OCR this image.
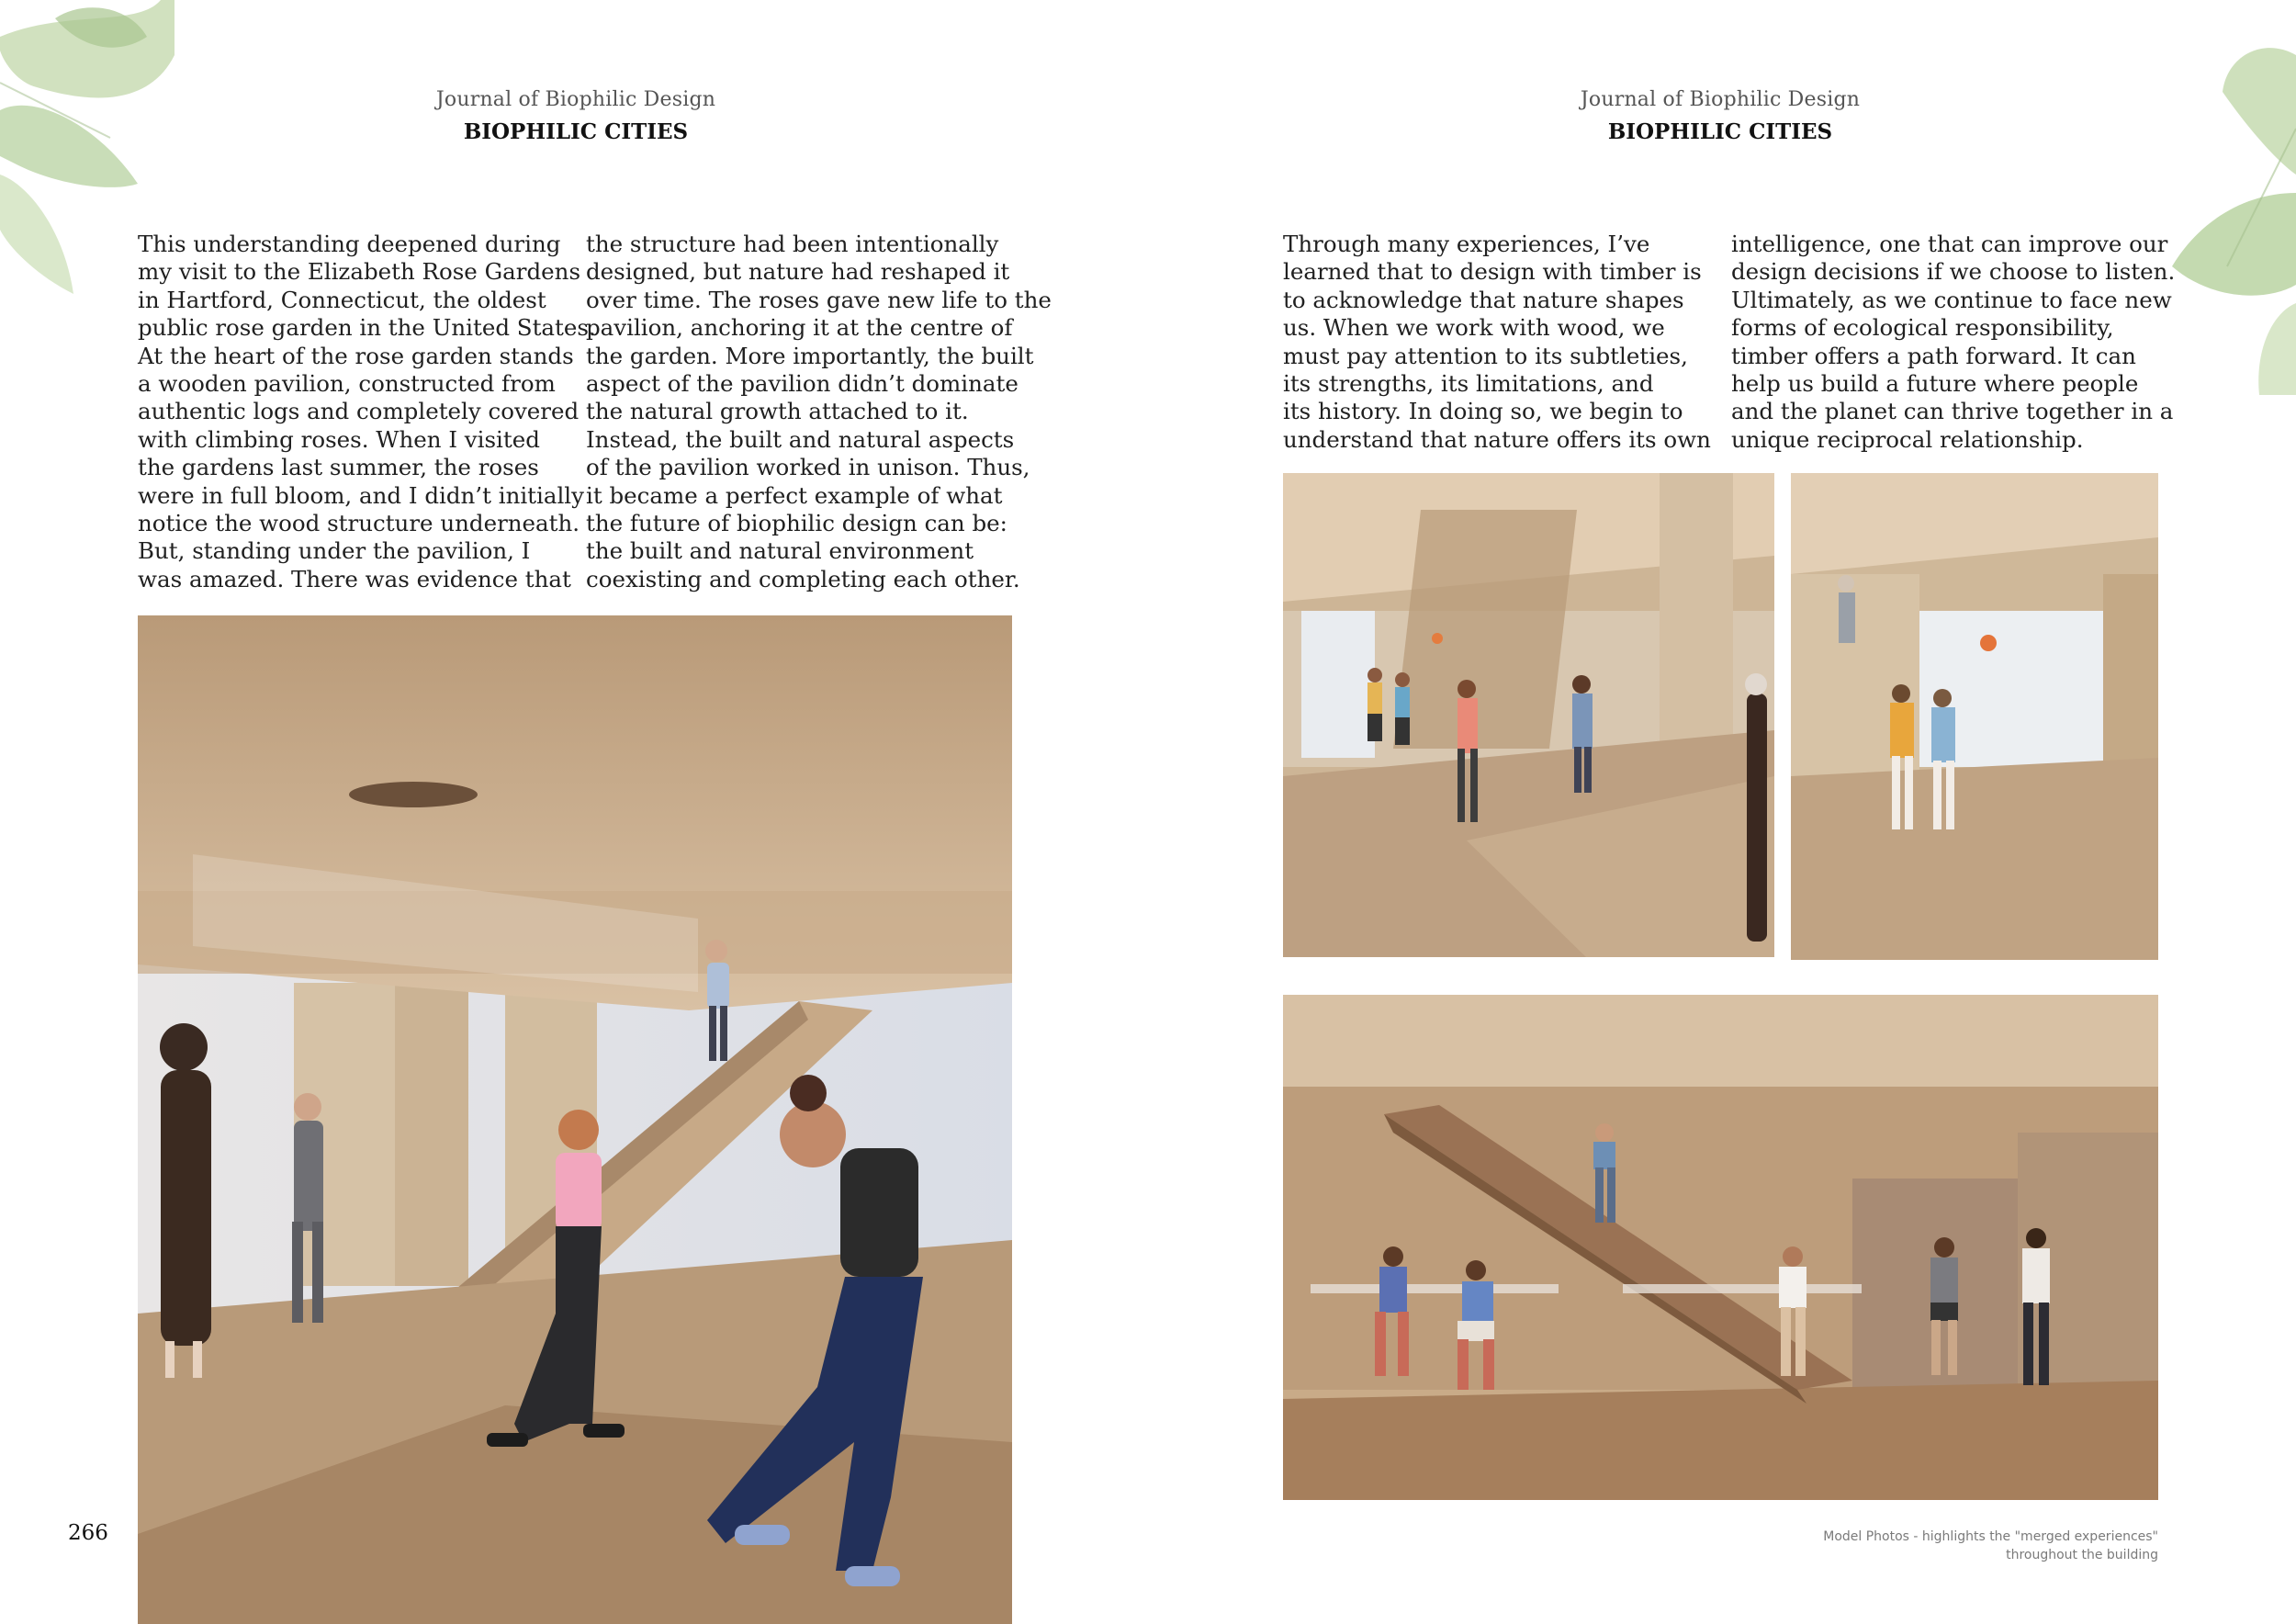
Journal of Biophilic Design
BIOPHILIC CITIES
This understanding deepened during
my visit to the Elizabeth Rose Gardens
in Hartford, Connecticut, the oldest
public rose garden in the United States.
At the heart of the rose garden stands
a wooden pavilion, constructed from
authentic logs and completely covered
with climbing roses. When I visited
the gardens last summer, the roses
were in full bloom, and I didn’t initially
notice the wood structure underneath.
But, standing under the pavilion, I
was amazed. There was evidence that
the structure had been intentionally
designed, but nature had reshaped it
over time. The roses gave new life to the
pavilion, anchoring it at the centre of
the garden. More importantly, the built
aspect of the pavilion didn’t dominate
the natural growth attached to it.
Instead, the built and natural aspects
of the pavilion worked in unison. Thus,
it became a perfect example of what
the future of biophilic design can be:
the built and natural environment
coexisting and completing each other.
266
Journal of Biophilic Design
BIOPHILIC CITIES
Through many experiences, I’ve
learned that to design with timber is
to acknowledge that nature shapes
us. When we work with wood, we
must pay attention to its subtleties,
its strengths, its limitations, and
its history. In doing so, we begin to
understand that nature offers its own
intelligence, one that can improve our
design decisions if we choose to listen.
Ultimately, as we continue to face new
forms of ecological responsibility,
timber offers a path forward. It can
help us build a future where people
and the planet can thrive together in a
unique reciprocal relationship.
Model Photos - highlights the "merged experiences"
throughout the building
